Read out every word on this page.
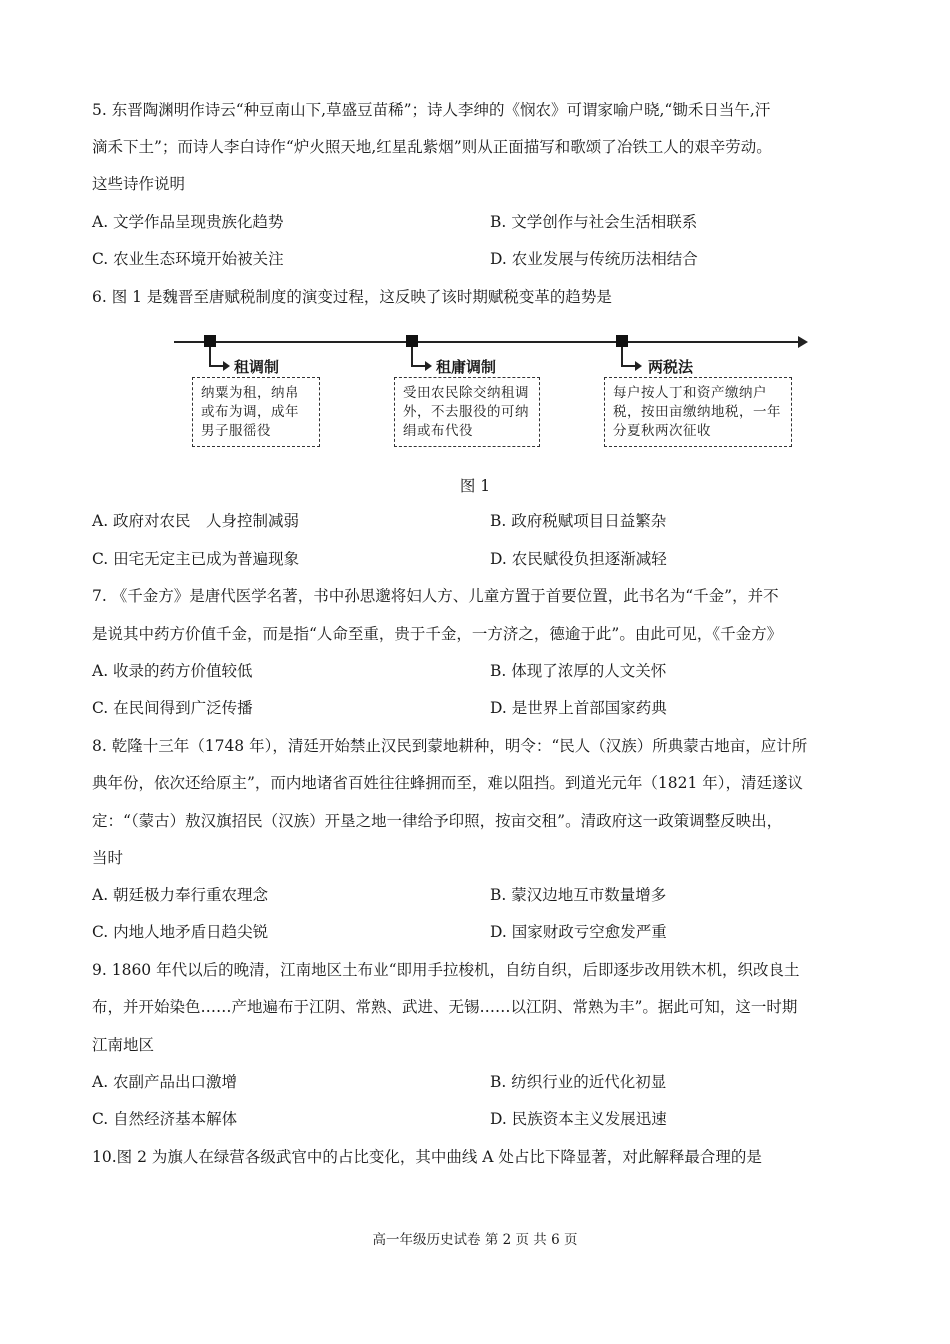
5. 东晋陶渊明作诗云“种豆南山下,草盛豆苗稀”；诗人李绅的《悯农》可谓家喻户晓,“锄禾日当午,汗
滴禾下土”；而诗人李白诗作“炉火照天地,红星乱紫烟”则从正面描写和歌颂了冶铁工人的艰辛劳动。
这些诗作说明
A. 文学作品呈现贵族化趋势	B. 文学创作与社会生活相联系
C. 农业生态环境开始被关注	D. 农业发展与传统历法相结合
6. 图 1 是魏晋至唐赋税制度的演变过程，这反映了该时期赋税变革的趋势是
租调制
纳粟为租，纳帛或布为调，成年男子服徭役
租庸调制
受田农民除交纳租调外，不去服役的可纳绢或布代役
两税法
每户按人丁和资产缴纳户税，按田亩缴纳地税，一年分夏秋两次征收
图 1
A. 政府对农民　人身控制减弱	B. 政府税赋项目日益繁杂
C. 田宅无定主已成为普遍现象	D. 农民赋役负担逐渐减轻
7. 《千金方》是唐代医学名著，书中孙思邈将妇人方、儿童方置于首要位置，此书名为“千金”，并不
是说其中药方价值千金，而是指“人命至重，贵于千金，一方济之，德逾于此”。由此可见，《千金方》
A. 收录的药方价值较低	B. 体现了浓厚的人文关怀
C. 在民间得到广泛传播	D. 是世界上首部国家药典
8. 乾隆十三年（1748 年），清廷开始禁止汉民到蒙地耕种，明令：“民人（汉族）所典蒙古地亩，应计所
典年份，依次还给原主”，而内地诸省百姓往往蜂拥而至，难以阻挡。到道光元年（1821 年），清廷遂议
定：“（蒙古）敖汉旗招民（汉族）开垦之地一律给予印照，按亩交租”。清政府这一政策调整反映出，
当时
A. 朝廷极力奉行重农理念	B. 蒙汉边地互市数量增多
C. 内地人地矛盾日趋尖锐	D. 国家财政亏空愈发严重
9. 1860 年代以后的晚清，江南地区土布业“即用手拉梭机，自纺自织，后即逐步改用铁木机，织改良土
布，并开始染色……产地遍布于江阴、常熟、武进、无锡……以江阴、常熟为丰”。据此可知，这一时期
江南地区
A. 农副产品出口激增	B. 纺织行业的近代化初显
C. 自然经济基本解体	D. 民族资本主义发展迅速
10.图 2 为旗人在绿营各级武官中的占比变化，其中曲线 A 处占比下降显著，对此解释最合理的是
高一年级历史试卷 第 2 页 共 6 页
